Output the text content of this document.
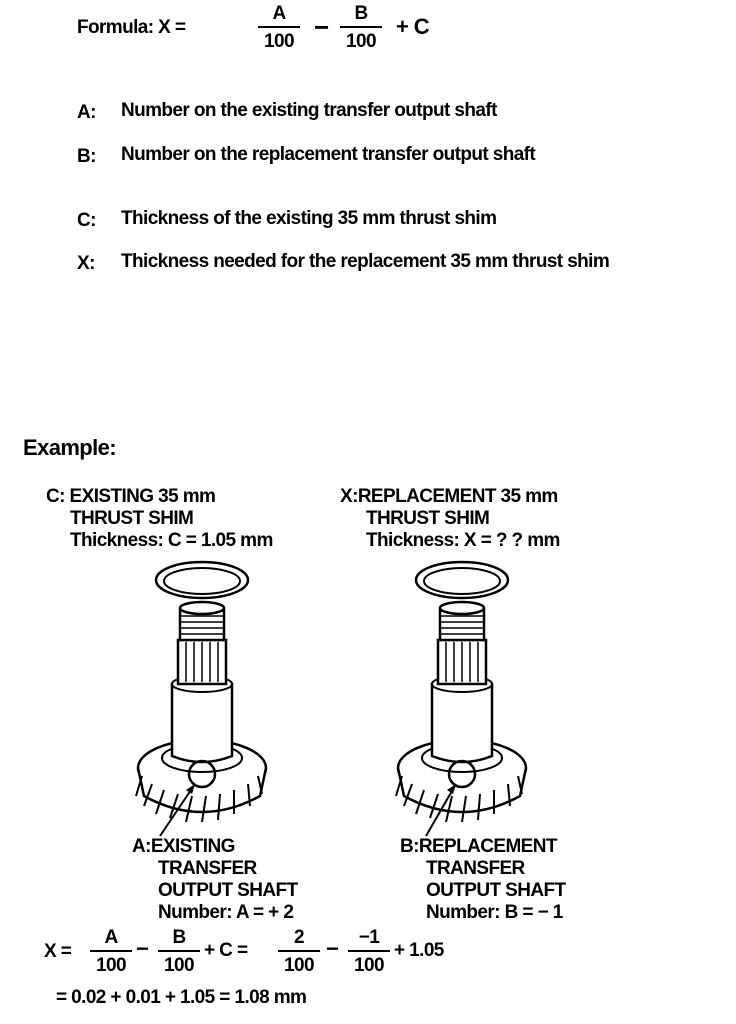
Formula: X =
A
100 −	B
100
+ C
A: Number on the existing transfer output shaft
B: Number on the replacement transfer output shaft
C: Thickness of the existing 35 mm thrust shim
X: Thickness needed for the replacement 35 mm thrust shim
Example:
C: EXISTING 35 mm
THRUST SHIM
Thickness: C = 1.05 mm
X:REPLACEMENT 35 mm
THRUST SHIM
Thickness: X = ? ? mm
A:EXISTING
TRANSFER
OUTPUT SHAFT
Number: A = + 2
B:REPLACEMENT
TRANSFER
OUTPUT SHAFT
Number: B = − 1
X =
A
100
−	B
100
+ C =
2
100
−	−1
100
+ 1.05
= 0.02 + 0.01 + 1.05 = 1.08 mm
